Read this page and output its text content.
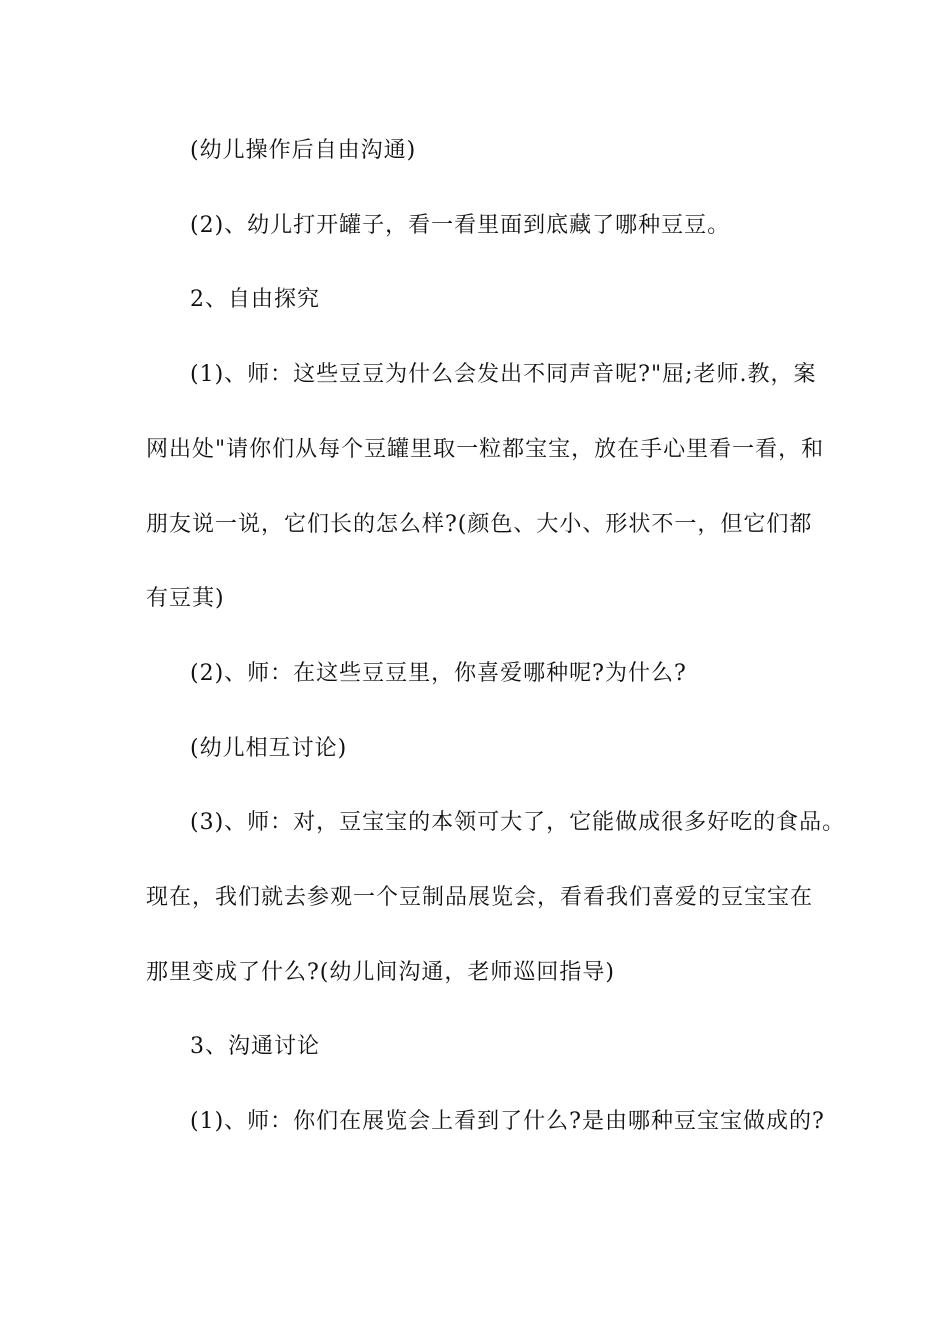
(幼儿操作后自由沟通)
(2)、幼儿打开罐子，看一看里面到底藏了哪种豆豆。
2、自由探究
(1)、师：这些豆豆为什么会发出不同声音呢?"屈;老师.教，案
网出处"请你们从每个豆罐里取一粒都宝宝，放在手心里看一看，和
朋友说一说，它们长的怎么样?(颜色、大小、形状不一，但它们都
有豆萁)
(2)、师：在这些豆豆里，你喜爱哪种呢?为什么?
(幼儿相互讨论)
(3)、师：对，豆宝宝的本领可大了，它能做成很多好吃的食品。
现在，我们就去参观一个豆制品展览会，看看我们喜爱的豆宝宝在
那里变成了什么?(幼儿间沟通，老师巡回指导)
3、沟通讨论
(1)、师：你们在展览会上看到了什么?是由哪种豆宝宝做成的?
